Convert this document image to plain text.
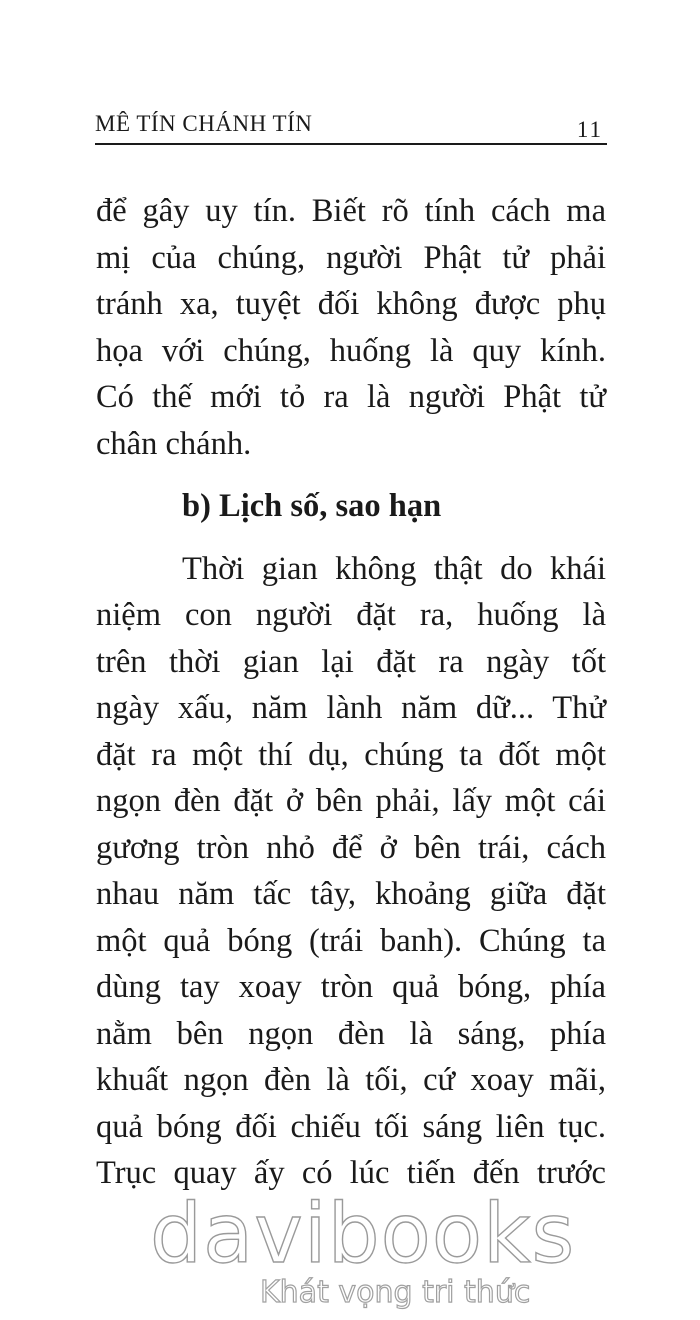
MÊ TÍN CHÁNH TÍN	11
để gây uy tín. Biết rõ tính cách ma
mị của chúng, người Phật tử phải
tránh xa, tuyệt đối không được phụ
họa với chúng, huống là quy kính.
Có thế mới tỏ ra là người Phật tử
chân chánh.
b) Lịch số, sao hạn
Thời gian không thật do khái
niệm con người đặt ra, huống là
trên thời gian lại đặt ra ngày tốt
ngày xấu, năm lành năm dữ... Thử
đặt ra một thí dụ, chúng ta đốt một
ngọn đèn đặt ở bên phải, lấy một cái
gương tròn nhỏ để ở bên trái, cách
nhau năm tấc tây, khoảng giữa đặt
một quả bóng (trái banh). Chúng ta
dùng tay xoay tròn quả bóng, phía
nằm bên ngọn đèn là sáng, phía
khuất ngọn đèn là tối, cứ xoay mãi,
quả bóng đối chiếu tối sáng liên tục.
Trục quay ấy có lúc tiến đến trước
davibooks
Khát vọng tri thức
